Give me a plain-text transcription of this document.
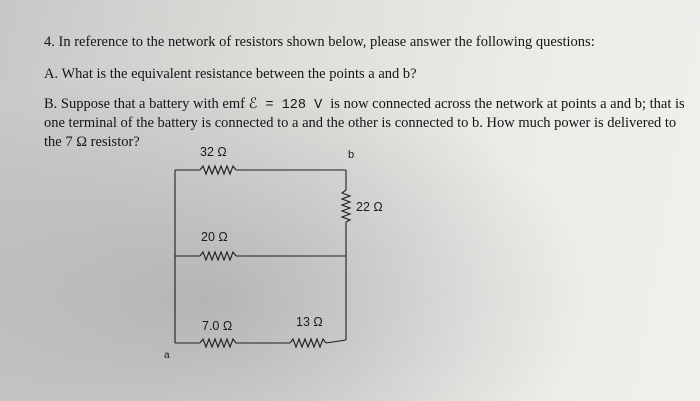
4. In reference to the network of resistors shown below, please answer the following questions:
A. What is the equivalent resistance between the points a and b?
B. Suppose that a battery with emf ℰ = 128 V is now connected across the network at points a and b; that is
one terminal of the battery is connected to a and the other is connected to b. How much power is delivered to
the 7 Ω resistor?
32 Ω
22 Ω
20 Ω
7.0 Ω	13 Ω
b
a
